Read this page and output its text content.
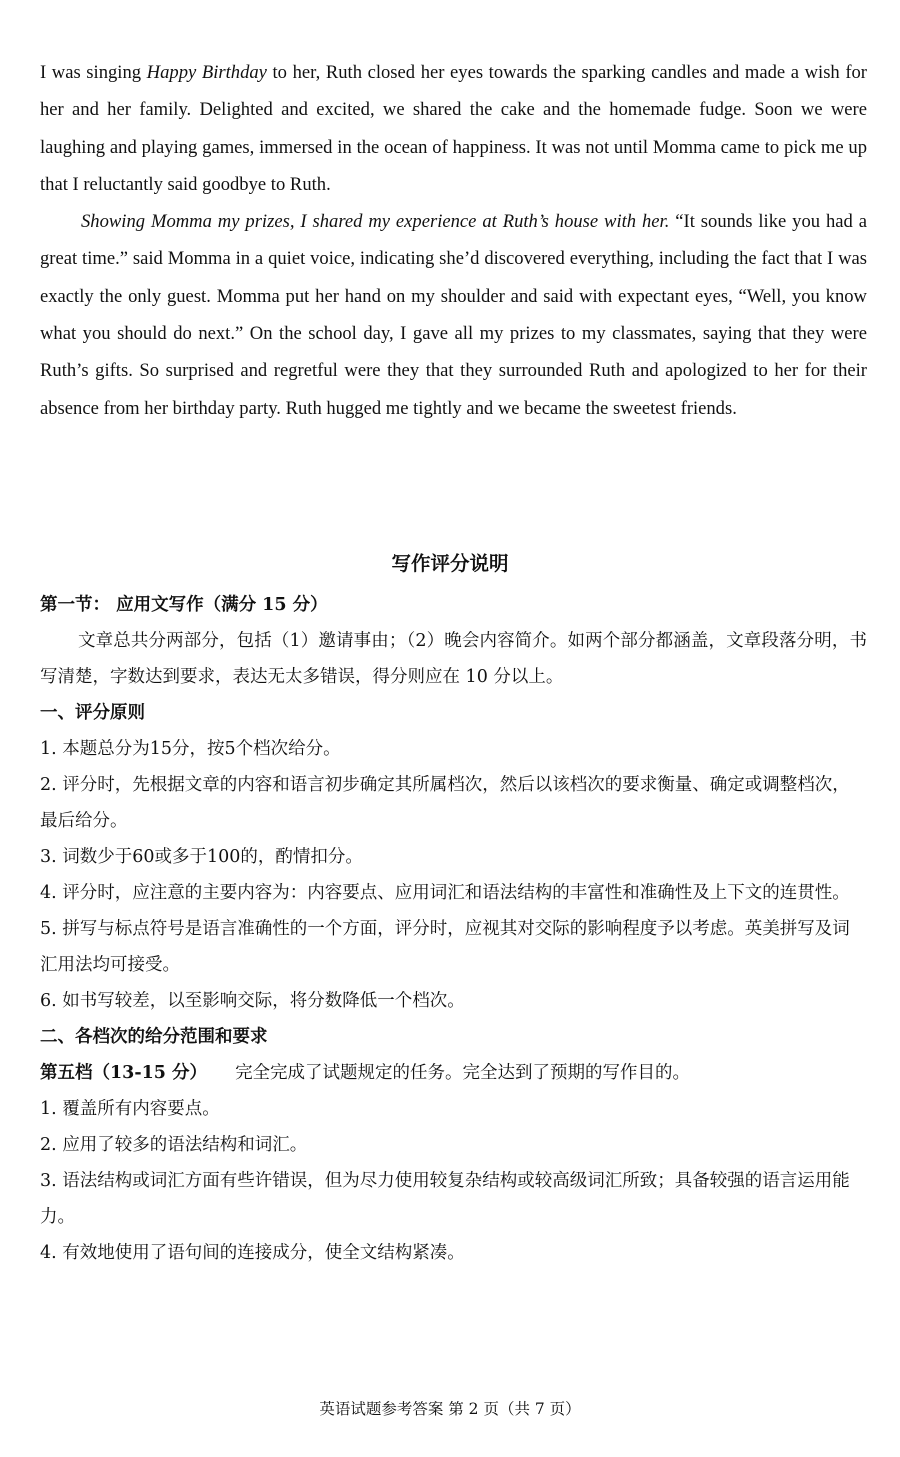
I was singing Happy Birthday to her, Ruth closed her eyes towards the sparking candles and made a wish for her and her family. Delighted and excited, we shared the cake and the homemade fudge. Soon we were laughing and playing games, immersed in the ocean of happiness. It was not until Momma came to pick me up that I reluctantly said goodbye to Ruth.

Showing Momma my prizes, I shared my experience at Ruth’s house with her. “It sounds like you had a great time.” said Momma in a quiet voice, indicating she’d discovered everything, including the fact that I was exactly the only guest. Momma put her hand on my shoulder and said with expectant eyes, “Well, you know what you should do next.” On the school day, I gave all my prizes to my classmates, saying that they were Ruth’s gifts. So surprised and regretful were they that they surrounded Ruth and apologized to her for their absence from her birthday party. Ruth hugged me tightly and we became the sweetest friends.

写作评分说明

第一节： 应用文写作（满分 15 分）

文章总共分两部分，包括（1）邀请事由；（2）晚会内容简介。如两个部分都涵盖，文章段落分明，书写清楚，字数达到要求，表达无太多错误，得分则应在 10 分以上。

一、评分原则

1. 本题总分为15分，按5个档次给分。

2. 评分时，先根据文章的内容和语言初步确定其所属档次，然后以该档次的要求衡量、确定或调整档次，最后给分。

3. 词数少于60或多于100的，酌情扣分。

4. 评分时，应注意的主要内容为：内容要点、应用词汇和语法结构的丰富性和准确性及上下文的连贯性。

5. 拼写与标点符号是语言准确性的一个方面，评分时，应视其对交际的影响程度予以考虑。英美拼写及词汇用法均可接受。

6. 如书写较差，以至影响交际，将分数降低一个档次。

二、各档次的给分范围和要求

第五档（13-15 分） 完全完成了试题规定的任务。完全达到了预期的写作目的。

1. 覆盖所有内容要点。

2. 应用了较多的语法结构和词汇。

3. 语法结构或词汇方面有些许错误，但为尽力使用较复杂结构或较高级词汇所致；具备较强的语言运用能力。

4. 有效地使用了语句间的连接成分，使全文结构紧凑。

英语试题参考答案 第 2 页（共 7 页）
